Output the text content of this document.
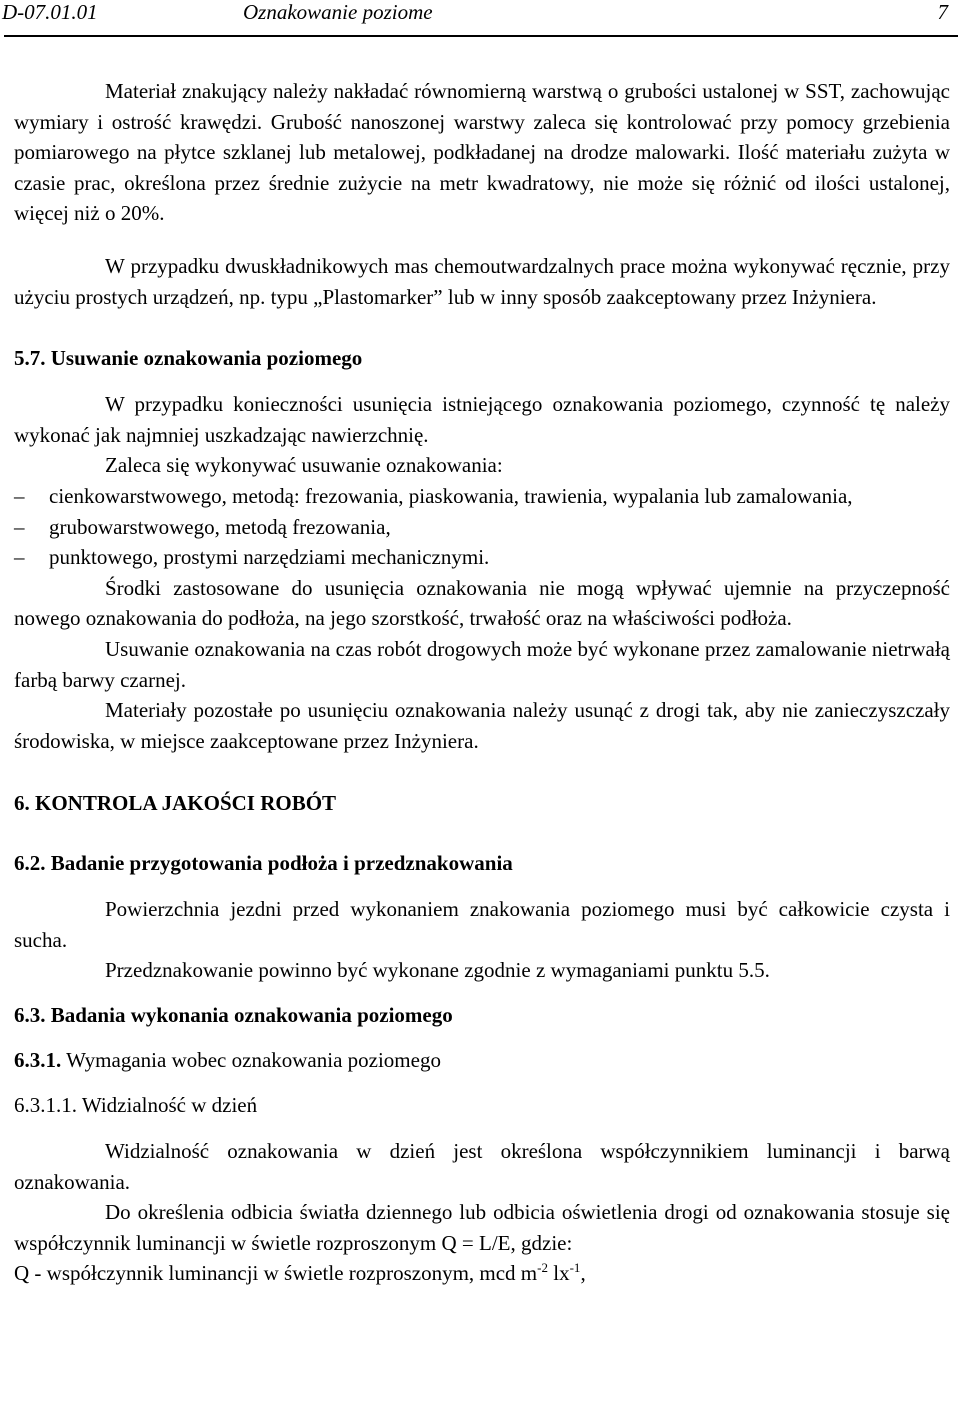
D-07.01.01	Oznakowanie poziome	7

Materiał znakujący należy nakładać równomierną warstwą o grubości ustalonej w SST, zachowując wymiary i ostrość krawędzi. Grubość nanoszonej warstwy zaleca się kontrolować przy pomocy grzebienia pomiarowego na płytce szklanej lub metalowej, podkładanej na drodze malowarki. Ilość materiału zużyta w czasie prac, określona przez średnie zużycie na metr kwadratowy, nie może się różnić od ilości ustalonej, więcej niż o 20%.

W przypadku dwuskładnikowych mas chemoutwardzalnych prace można wykonywać ręcznie, przy użyciu prostych urządzeń, np. typu „Plastomarker” lub w inny sposób zaakceptowany przez Inżyniera.

5.7. Usuwanie oznakowania poziomego

W przypadku konieczności usunięcia istniejącego oznakowania poziomego, czynność tę należy wykonać jak najmniej uszkadzając nawierzchnię.

Zaleca się wykonywać usuwanie oznakowania:

– cienkowarstwowego, metodą: frezowania, piaskowania, trawienia, wypalania lub zamalowania,
– grubowarstwowego, metodą frezowania,
– punktowego, prostymi narzędziami mechanicznymi.

Środki zastosowane do usunięcia oznakowania nie mogą wpływać ujemnie na przyczepność nowego oznakowania do podłoża, na jego szorstkość, trwałość oraz na właściwości podłoża.

Usuwanie oznakowania na czas robót drogowych może być wykonane przez zamalowanie nietrwałą farbą barwy czarnej.

Materiały pozostałe po usunięciu oznakowania należy usunąć z drogi tak, aby nie zanieczyszczały środowiska, w miejsce zaakceptowane przez Inżyniera.

6. KONTROLA JAKOŚCI ROBÓT
6.2. Badanie przygotowania podłoża i przedznakowania

Powierzchnia jezdni przed wykonaniem znakowania poziomego musi być całkowicie czysta i sucha.

Przedznakowanie powinno być wykonane zgodnie z wymaganiami punktu 5.5.

6.3. Badania wykonania oznakowania poziomego
6.3.1. Wymagania wobec oznakowania poziomego
6.3.1.1. Widzialność w dzień

Widzialność oznakowania w dzień jest określona współczynnikiem luminancji i barwą oznakowania.

Do określenia odbicia światła dziennego lub odbicia oświetlenia drogi od oznakowania stosuje się współczynnik luminancji w świetle rozproszonym Q = L/E, gdzie:

Q - współczynnik luminancji w świetle rozproszonym, mcd $m^{-2}$ $lx^{-1}$,
